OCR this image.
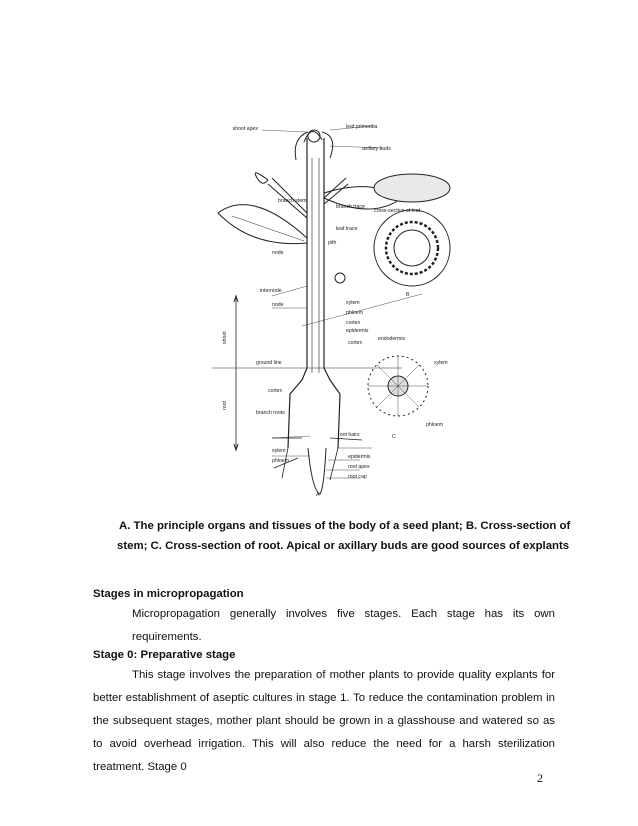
shoot apex	leaf primordia
axillary buds
branch stem
branch trace
cross-section of leaf
leaf trace
pith
node
internode
node	xylem
phloem
cortex
epidermis
B
shoot	cortex
endodermis
xylem
ground line
root
cortex
branch roots
root hairs	C
phloem
xylem
phloem
epidermis
root apex
root cap
A
A. The principle organs and tissues of the body of a seed plant; B. Cross-section of

stem; C. Cross-section of root. Apical or axillary buds are good sources of explants
Stages in micropropagation
Micropropagation generally involves five stages. Each stage has its own requirements.
Stage 0: Preparative stage
This stage involves the preparation of mother plants to provide quality explants for better establishment of aseptic cultures in stage 1. To reduce the contamination problem in the subsequent stages, mother plant should be grown in a glasshouse and watered so as to avoid overhead irrigation. This will also reduce the need for a harsh sterilization treatment. Stage 0
2
